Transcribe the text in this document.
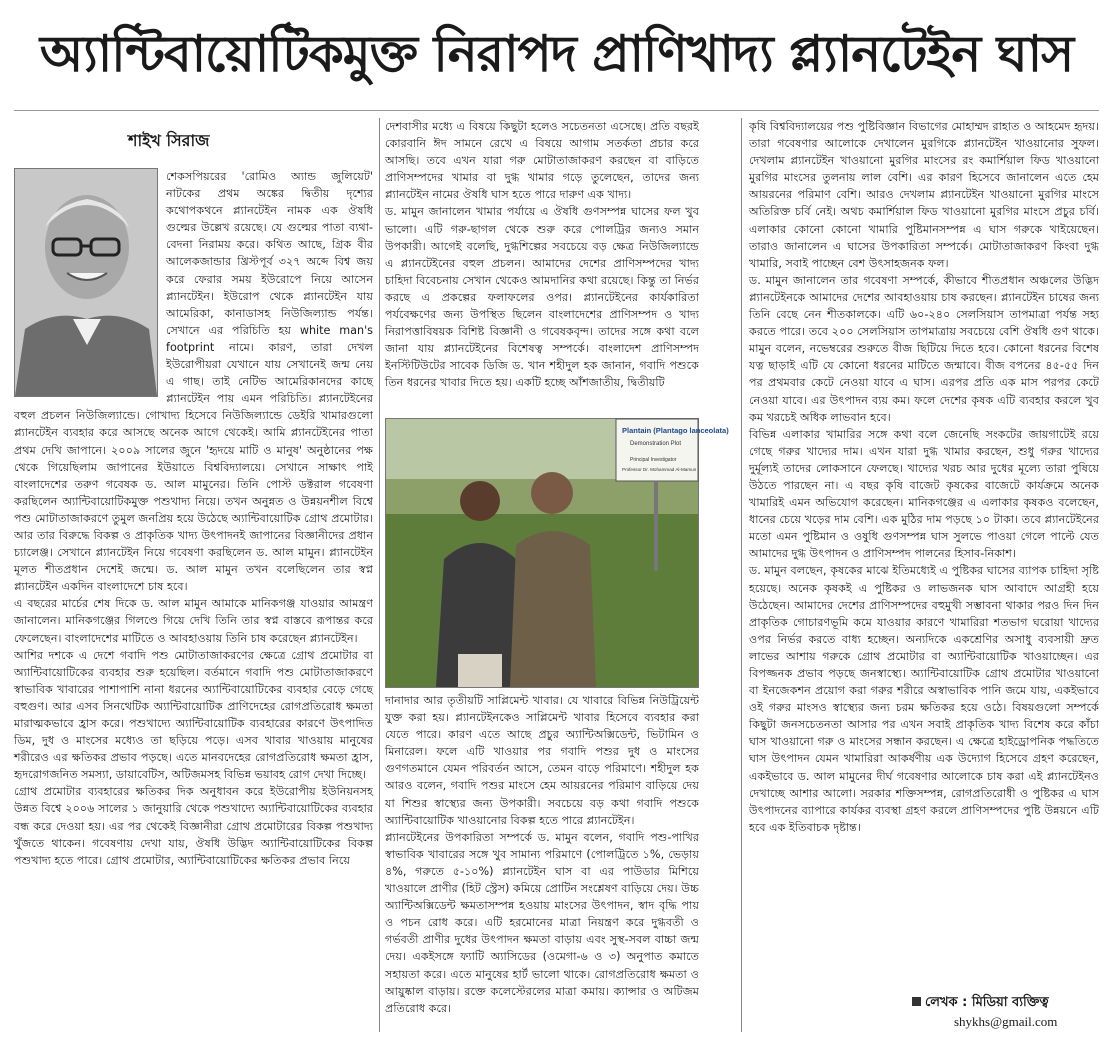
অ্যান্টিবায়োটিকমুক্ত নিরাপদ প্রাণিখাদ্য প্ল্যানটেইন ঘাস
শাইখ সিরাজ

শেকসপিয়রের 'রোমিও অ্যান্ড জুলিয়েট' নাটকের প্রথম অঙ্কের দ্বিতীয় দৃশ্যের কথোপকথনে প্ল্যানটেইন নামক এক ঔষধি গুল্মের উল্লেখ রয়েছে। যে গুল্মের পাতা ব্যথা-বেদনা নিরাময় করে। কথিত আছে, গ্রিক বীর আলেকজান্ডার খ্রিস্টপূর্ব ৩২৭ অব্দে বিশ্ব জয় করে ফেরার সময় ইউরোপে নিয়ে আসেন প্ল্যানটেইন। ইউরোপ থেকে প্ল্যানটেইন যায় আমেরিকা, কানাডাসহ নিউজিল্যান্ড পর্যন্ত। সেখানে এর পরিচিতি হয় white man's footprint নামে। কারণ, তারা দেখল ইউরোপীয়রা যেখানে যায় সেখানেই জন্ম নেয় এ গাছ। তাই নেটিভ আমেরিকানদের কাছে প্ল্যানটেইন পায় এমন পরিচিতি। প্ল্যানটেইনের বহুল প্রচলন নিউজিল্যান্ডে। গোখাদ্য হিসেবে নিউজিল্যান্ডে ডেইরি খামারগুলো প্ল্যানটেইন ব্যবহার করে আসছে অনেক আগে থেকেই। আমি প্ল্যানটেইনের পাতা প্রথম দেখি জাপানে। ২০০৯ সালের জুনে 'হৃদয়ে মাটি ও মানুষ' অনুষ্ঠানের পক্ষ থেকে গিয়েছিলাম জাপানের ইউয়াতে বিশ্ববিদ্যালয়ে। সেখানে সাক্ষাৎ পাই বাংলাদেশের তরুণ গবেষক ড. আল মামুনের। তিনি পোস্ট ডক্টরাল গবেষণা করছিলেন অ্যান্টিবায়োটিকমুক্ত পশুখাদ্য নিয়ে। তখন অনুন্নত ও উন্নয়নশীল বিশ্বে পশু মোটাতাজাকরণে তুমুল জনপ্রিয় হয়ে উঠেছে অ্যান্টিবায়োটিক গ্রোথ প্রমোটার। আর তার বিরুদ্ধে বিকল্প ও প্রাকৃতিক খাদ্য উৎপাদনই জাপানের বিজ্ঞানীদের প্রধান চ্যালেঞ্জ। সেখানে প্ল্যানটেইন নিয়ে গবেষণা করছিলেন ড. আল মামুন। প্ল্যানটেইন মূলত শীতপ্রধান দেশেই জন্মে। ড. আল মামুন তখন বলেছিলেন তার স্বপ্ন প্ল্যানটেইন একদিন বাংলাদেশে চাষ হবে।

এ বছরের মার্চের শেষ দিকে ড. আল মামুন আমাকে মানিকগঞ্জ যাওয়ার আমন্ত্রণ জানালেন। মানিকগঞ্জের গিলণ্ডে গিয়ে দেখি তিনি তার স্বপ্ন বাস্তবে রূপান্তর করে ফেলেছেন। বাংলাদেশের মাটিতে ও আবহাওয়ায় তিনি চাষ করেছেন প্ল্যানটেইন।

আশির দশকে এ দেশে গবাদি পশু মোটাতাজাকরণের ক্ষেত্রে গ্রোথ প্রমোটার বা অ্যান্টিবায়োটিকের ব্যবহার শুরু হয়েছিল। বর্তমানে গবাদি পশু মোটাতাজাকরণে স্বাভাবিক খাবারের পাশাপাশি নানা ধরনের অ্যান্টিবায়োটিকের ব্যবহার বেড়ে গেছে বহুগুণ। আর এসব সিনথেটিক অ্যান্টিবায়োটিক প্রাণিদেহের রোগপ্রতিরোধ ক্ষমতা মারাত্মকভাবে হ্রাস করে। পশুখাদ্যে অ্যান্টিবায়োটিক ব্যবহারের কারণে উৎপাদিত ডিম, দুধ ও মাংসের মধ্যেও তা ছড়িয়ে পড়ে। এসব খাবার খাওয়ায় মানুষের শরীরেও এর ক্ষতিকর প্রভাব পড়ছে। এতে মানবদেহের রোগপ্রতিরোধ ক্ষমতা হ্রাস, হৃদরোগজনিত সমস্যা, ডায়াবেটিস, অটিজমসহ বিভিন্ন ভয়াবহ রোগ দেখা দিচ্ছে।

গ্রোথ প্রমোটার ব্যবহারের ক্ষতিকর দিক অনুধাবন করে ইউরোপীয় ইউনিয়নসহ উন্নত বিশ্বে ২০০৬ সালের ১ জানুয়ারি থেকে পশুখাদ্যে অ্যান্টিবায়োটিকের ব্যবহার বন্ধ করে দেওয়া হয়। এর পর থেকেই বিজ্ঞানীরা গ্রোথ প্রমোটারের বিকল্প পশুখাদ্য খুঁজতে থাকেন। গবেষণায় দেখা যায়, ঔষধি উদ্ভিদ অ্যান্টিবায়োটিকের বিকল্প পশুখাদ্য হতে পারে। গ্রোথ প্রমোটার, অ্যান্টিবায়োটিকের ক্ষতিকর প্রভাব নিয়ে

দেশবাসীর মধ্যে এ বিষয়ে কিছুটা হলেও সচেতনতা এসেছে। প্রতি বছরই কোরবানি ঈদ সামনে রেখে এ বিষয়ে আগাম সতর্কতা প্রচার করে আসছি। তবে এখন যারা গরু মোটাতাজাকরণ করছেন বা বাড়িতে প্রাণিসম্পদের খামার বা দুগ্ধ খামার গড়ে তুলেছেন, তাদের জন্য প্ল্যানটেইন নামের ঔষধি ঘাস হতে পারে দারুণ এক খাদ্য।

ড. মামুন জানালেন খামার পর্যায়ে এ ঔষধি গুণসম্পন্ন ঘাসের ফল খুব ভালো। এটি গরু-ছাগল থেকে শুরু করে পোলট্রির জন্যও সমান উপকারী। আগেই বলেছি, দুগ্ধশিল্পের সবচেয়ে বড় ক্ষেত্র নিউজিল্যান্ডে এ প্ল্যানটেইনের বহুল প্রচলন। আমাদের দেশের প্রাণিসম্পদের খাদ্য চাহিদা বিবেচনায় সেখান থেকেও আমদানির কথা রয়েছে। কিন্তু তা নির্ভর করছে এ প্রকল্পের ফলাফলের ওপর। প্ল্যানটেইনের কার্যকারিতা পর্যবেক্ষণের জন্য উপস্থিত ছিলেন বাংলাদেশের প্রাণিসম্পদ ও খাদ্য নিরাপত্তাবিষয়ক বিশিষ্ট বিজ্ঞানী ও গবেষকবৃন্দ। তাদের সঙ্গে কথা বলে জানা যায় প্ল্যানটেইনের বিশেষত্ব সম্পর্কে। বাংলাদেশ প্রাণিসম্পদ ইনস্টিটিউটের সাবেক ডিজি ড. খান শহীদুল হক জানান, গবাদি পশুকে তিন ধরনের খাবার দিতে হয়। একটি হচ্ছে আঁশজাতীয়, দ্বিতীয়টি

Plantain (Plantago lanceolata)
Demonstration Plot
Principal Investigator
Professor Dr. Mohammad Al-Mamun

দানাদার আর তৃতীয়টি সাপ্লিমেন্ট খাবার। যে খাবারে বিভিন্ন নিউট্রিয়েন্ট যুক্ত করা হয়। প্ল্যানটেইনকেও সাপ্লিমেন্ট খাবার হিসেবে ব্যবহার করা যেতে পারে। কারণ এতে আছে প্রচুর অ্যান্টিঅক্সিডেন্ট, ভিটামিন ও মিনারেল। ফলে এটি খাওয়ার পর গবাদি পশুর দুধ ও মাংসের গুণগতমানে যেমন পরিবর্তন আসে, তেমন বাড়ে পরিমাণে। শহীদুল হক আরও বলেন, গবাদি পশুর মাংসে হেম আয়রনের পরিমাণ বাড়িয়ে দেয় যা শিশুর স্বাস্থ্যের জন্য উপকারী। সবচেয়ে বড় কথা গবাদি পশুকে অ্যান্টিবায়োটিক খাওয়ানোর বিকল্প হতে পারে প্ল্যানটেইন।

প্ল্যানটেইনের উপকারিতা সম্পর্কে ড. মামুন বলেন, গবাদি পশু-পাখির স্বাভাবিক খাবারের সঙ্গে খুব সামান্য পরিমাণে (পোলট্রিতে ১%, ভেড়ায় ৪%, গরুতে ৫-১০%) প্ল্যানটেইন ঘাস বা এর পাউডার মিশিয়ে খাওয়ালে প্রাণীর (হিট স্ট্রেস) কমিয়ে প্রোটিন সংশ্লেষণ বাড়িয়ে দেয়। উচ্চ অ্যান্টিঅক্সিডেন্ট ক্ষমতাসম্পন্ন হওয়ায় মাংসের উৎপাদন, স্বাদ বৃদ্ধি পায় ও পচন রোধ করে। এটি হরমোনের মাত্রা নিয়ন্ত্রণ করে দুগ্ধবতী ও গর্ভবতী প্রাণীর দুধের উৎপাদন ক্ষমতা বাড়ায় এবং সুস্থ-সবল বাচ্চা জন্ম দেয়। একইসঙ্গে ফ্যাটি অ্যাসিডের (ওমেগা-৬ ও ৩) অনুপাত কমাতে সহায়তা করে। এতে মানুষের হার্ট ভালো থাকে। রোগপ্রতিরোধ ক্ষমতা ও আয়ুষ্কাল বাড়ায়। রক্তে কলেস্টেরলের মাত্রা কমায়। ক্যান্সার ও অটিজম প্রতিরোধ করে।

কৃষি বিশ্ববিদ্যালয়ের পশু পুষ্টিবিজ্ঞান বিভাগের মোহাম্মদ রাহাত ও আহমেদ হৃদয়। তারা গবেষণার আলোকে দেখালেন মুরগিকে প্ল্যানটেইন খাওয়ানোর সুফল। দেখলাম প্ল্যানটেইন খাওয়ানো মুরগির মাংসের রং কমার্শিয়াল ফিড খাওয়ানো মুরগির মাংসের তুলনায় লাল বেশি। এর কারণ হিসেবে জানালেন এতে হেম আয়রনের পরিমাণ বেশি। আরও দেখলাম প্ল্যানটেইন খাওয়ানো মুরগির মাংসে অতিরিক্ত চর্বি নেই। অথচ কমার্শিয়াল ফিড খাওয়ানো মুরগির মাংসে প্রচুর চর্বি। এলাকার কোনো কোনো খামারি পুষ্টিমানসম্পন্ন এ ঘাস গরুকে খাইয়েছেন। তারাও জানালেন এ ঘাসের উপকারিতা সম্পর্কে। মোটাতাজাকরণ কিংবা দুগ্ধ খামারি, সবাই পাচ্ছেন বেশ উৎসাহজনক ফল।

ড. মামুন জানালেন তার গবেষণা সম্পর্কে, কীভাবে শীতপ্রধান অঞ্চলের উদ্ভিদ প্ল্যানটেইনকে আমাদের দেশের আবহাওয়ায় চাষ করছেন। প্ল্যানটেইন চাষের জন্য তিনি বেছে নেন শীতকালকে। এটি ৬০-২৪০ সেলসিয়াস তাপমাত্রা পর্যন্ত সহ্য করতে পারে। তবে ২০০ সেলসিয়াস তাপমাত্রায় সবচেয়ে বেশি ঔষধি গুণ থাকে। মামুন বলেন, নভেম্বরের শুরুতে বীজ ছিটিয়ে দিতে হবে। কোনো ধরনের বিশেষ যত্ন ছাড়াই এটি যে কোনো ধরনের মাটিতে জন্মাবে। বীজ বপনের ৪৫-৫৫ দিন পর প্রথমবার কেটে নেওয়া যাবে এ ঘাস। এরপর প্রতি এক মাস পরপর কেটে নেওয়া যাবে। এর উৎপাদন ব্যয় কম। ফলে দেশের কৃষক এটি ব্যবহার করলে খুব কম খরচেই অধিক লাভবান হবে।

বিভিন্ন এলাকার খামারির সঙ্গে কথা বলে জেনেছি সংকটের জায়গাটেই রয়ে গেছে গরুর খাদ্যের দাম। এখন যারা দুগ্ধ খামার করছেন, শুধু গরুর খাদ্যের দুর্মূল্যই তাদের লোকসানে ফেলছে। খাদ্যের খরচ আর দুধের মূল্যে তারা পুষিয়ে উঠতে পারছেন না। এ বছর কৃষি বাজেট কৃষকের বাজেটে কার্যক্রমে অনেক খামারিই এমন অভিযোগ করেছেন। মানিকগঞ্জের এ এলাকার কৃষকও বলেছেন, ধানের চেয়ে খড়ের দাম বেশি। এক মুঠির দাম পড়ছে ১০ টাকা। তবে প্ল্যানটেইনের মতো এমন পুষ্টিমান ও ওষুধি গুণসম্পন্ন ঘাস সুলভে পাওয়া গেলে পাল্টে যেত আমাদের দুগ্ধ উৎপাদন ও প্রাণিসম্পদ পালনের হিসাব-নিকাশ।

ড. মামুন বলছেন, কৃষকের মাঝে ইতিমধ্যেই এ পুষ্টিকর ঘাসের ব্যাপক চাহিদা সৃষ্টি হয়েছে। অনেক কৃষকই এ পুষ্টিকর ও লাভজনক ঘাস আবাদে আগ্রহী হয়ে উঠেছেন। আমাদের দেশের প্রাণিসম্পদের বহুমুখী সম্ভাবনা থাকার পরও দিন দিন প্রাকৃতিক গোচারণভূমি কমে যাওয়ার কারণে খামারিরা শতভাগ ঘরোয়া খাদ্যের ওপর নির্ভর করতে বাধ্য হচ্ছেন। অন্যদিকে একশ্রেণির অসাধু ব্যবসায়ী দ্রুত লাভের আশায় গরুকে গ্রোথ প্রমোটার বা অ্যান্টিবায়োটিক খাওয়াচ্ছেন। এর বিপজ্জনক প্রভাব পড়ছে জনস্বাস্থ্যে। অ্যান্টিবায়োটিক গ্রোথ প্রমোটার খাওয়ানো বা ইনজেকশন প্রয়োগ করা গরুর শরীরে অস্বাভাবিক পানি জমে যায়, একইভাবে ওই গরুর মাংসও স্বাস্থ্যের জন্য চরম ক্ষতিকর হয়ে ওঠে। বিষয়গুলো সম্পর্কে কিছুটা জনসচেতনতা আসার পর এখন সবাই প্রাকৃতিক খাদ্য বিশেষ করে কাঁচা ঘাস খাওয়ানো গরু ও মাংসের সন্ধান করছেন। এ ক্ষেত্রে হাইড্রোপনিক পদ্ধতিতে ঘাস উৎপাদন যেমন খামারিরা আকর্ষণীয় এক উদ্যোগ হিসেবে গ্রহণ করেছেন, একইভাবে ড. আল মামুনের দীর্ঘ গবেষণার আলোকে চাষ করা এই প্ল্যানটেইনও দেখাচ্ছে আশার আলো। সরকার শক্তিসম্পন্ন, রোগপ্রতিরোধী ও পুষ্টিকর এ ঘাস উৎপাদনের ব্যাপারে কার্যকর ব্যবস্থা গ্রহণ করলে প্রাণিসম্পদের পুষ্টি উন্নয়নে এটি হবে এক ইতিবাচক দৃষ্টান্ত।

লেখক : মিডিয়া ব্যক্তিত্ব
shykhs@gmail.com
